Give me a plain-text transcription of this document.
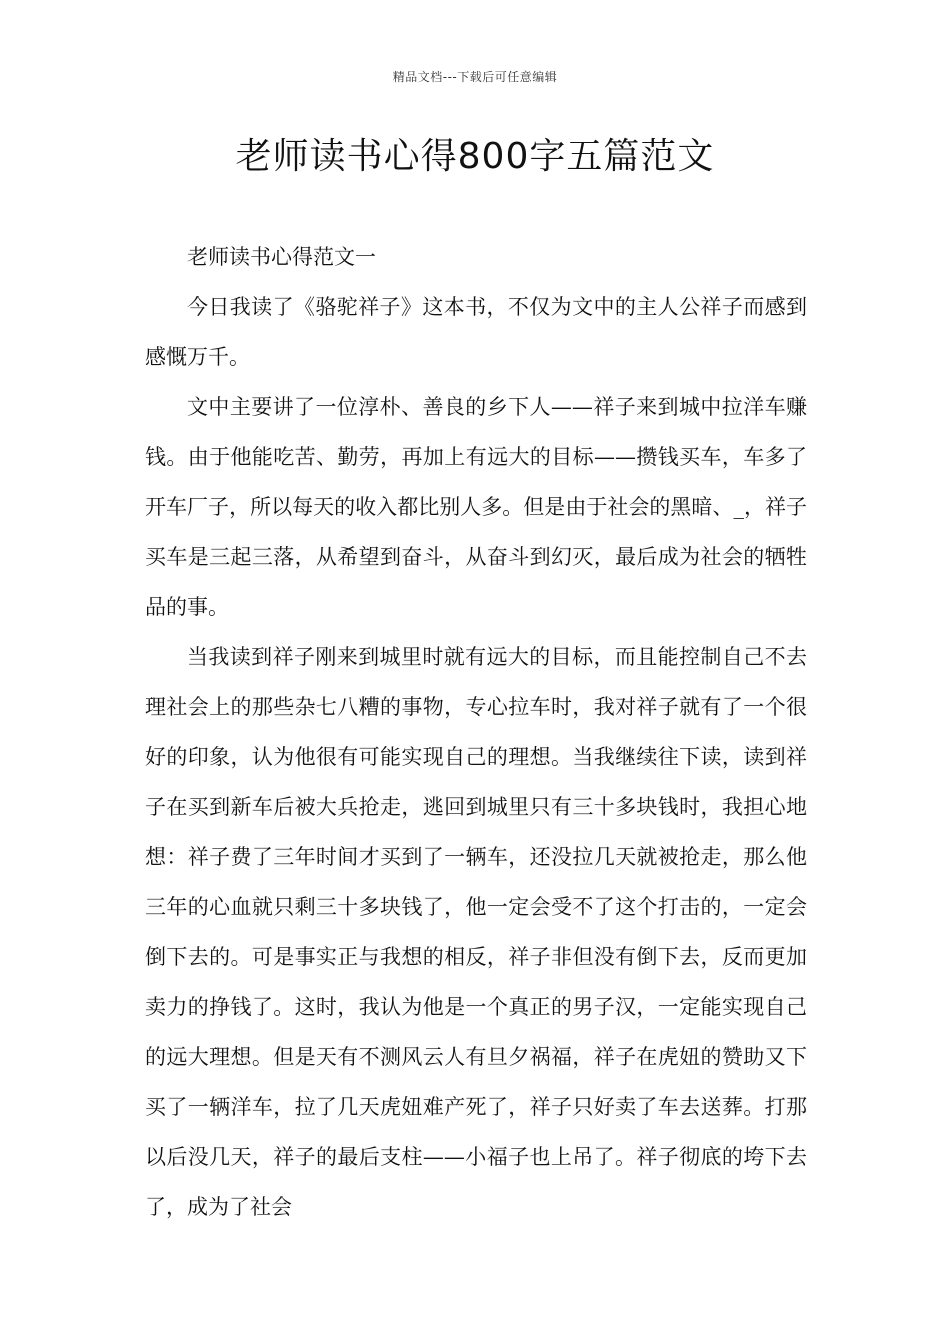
精品文档---下载后可任意编辑
老师读书心得800字五篇范文

老师读书心得范文一

今日我读了《骆驼祥子》这本书，不仅为文中的主人公祥子而感到感慨万千。

文中主要讲了一位淳朴、善良的乡下人——祥子来到城中拉洋车赚钱。由于他能吃苦、勤劳，再加上有远大的目标——攒钱买车，车多了开车厂子，所以每天的收入都比别人多。但是由于社会的黑暗、_，祥子买车是三起三落，从希望到奋斗，从奋斗到幻灭，最后成为社会的牺牲品的事。

当我读到祥子刚来到城里时就有远大的目标，而且能控制自己不去理社会上的那些杂七八糟的事物，专心拉车时，我对祥子就有了一个很好的印象，认为他很有可能实现自己的理想。当我继续往下读，读到祥子在买到新车后被大兵抢走，逃回到城里只有三十多块钱时，我担心地想：祥子费了三年时间才买到了一辆车，还没拉几天就被抢走，那么他三年的心血就只剩三十多块钱了，他一定会受不了这个打击的，一定会倒下去的。可是事实正与我想的相反，祥子非但没有倒下去，反而更加卖力的挣钱了。这时，我认为他是一个真正的男子汉，一定能实现自己的远大理想。但是天有不测风云人有旦夕祸福，祥子在虎妞的赞助又下买了一辆洋车，拉了几天虎妞难产死了，祥子只好卖了车去送葬。打那以后没几天，祥子的最后支柱——小福子也上吊了。祥子彻底的垮下去了，成为了社会
